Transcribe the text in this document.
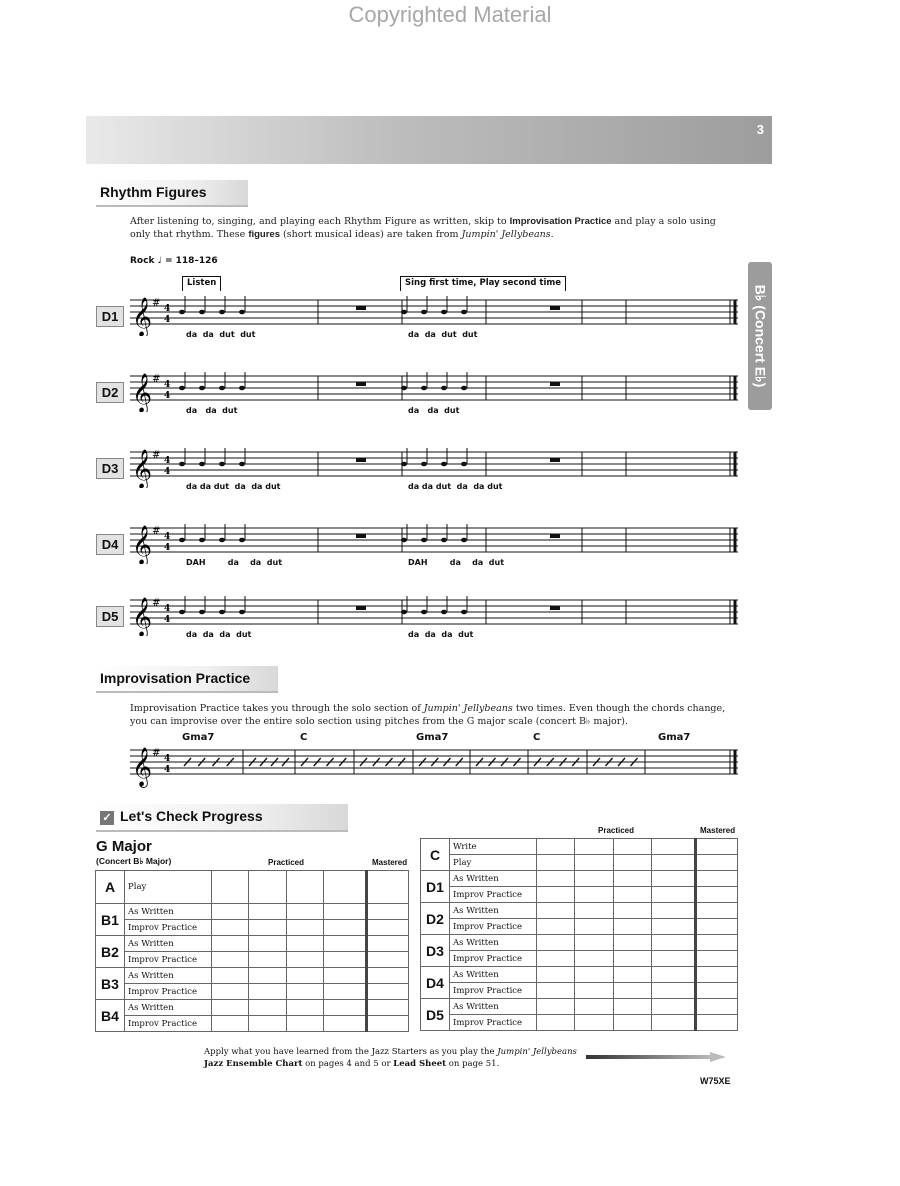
Copyrighted Material
3
B♭ (Concert E♭)
Rhythm Figures
After listening to, singing, and playing each Rhythm Figure as written, skip to Improvisation Practice and play a solo using only that rhythm. These figures (short musical ideas) are taken from Jumpin' Jellybeans.
Rock ♩ = 118–126
Listen	Sing first time, Play second time
D1 𝄞 # 4
4
da  da  dut  dut	da  da  dut  dut
D2 𝄞 # 4
4
da   da  dut	da   da  dut
D3 𝄞 # 4
4
da da dut  da  da dut	da da dut  da  da dut
D4 𝄞 # 4
4
DAH        da    da  dut	DAH        da    da  dut
D5 𝄞 # 4
4
da  da  da  dut	da  da  da  dut
Improvisation Practice
Improvisation Practice takes you through the solo section of Jumpin' Jellybeans two times. Even though the chords change, you can improvise over the entire solo section using pitches from the G major scale (concert B♭ major).
𝄞 # 4
4
Gma7	C	Gma7	C	Gma7
✓ Let's Check Progress
G Major
(Concert B♭ Major)	Practiced	Mastered
Practiced	Mastered
A	Play					
B1	As Written					
	Improv Practice					
B2	As Written					
	Improv Practice					
B3	As Written					
	Improv Practice					
B4	As Written					
	Improv Practice					
C	Write					
	Play					
D1	As Written					
	Improv Practice					
D2	As Written					
	Improv Practice					
D3	As Written					
	Improv Practice					
D4	As Written					
	Improv Practice					
D5	As Written					
	Improv Practice					
Apply what you have learned from the Jazz Starters as you play the Jumpin' Jellybeans
Jazz Ensemble Chart on pages 4 and 5 or Lead Sheet on page 51.
W75XE
